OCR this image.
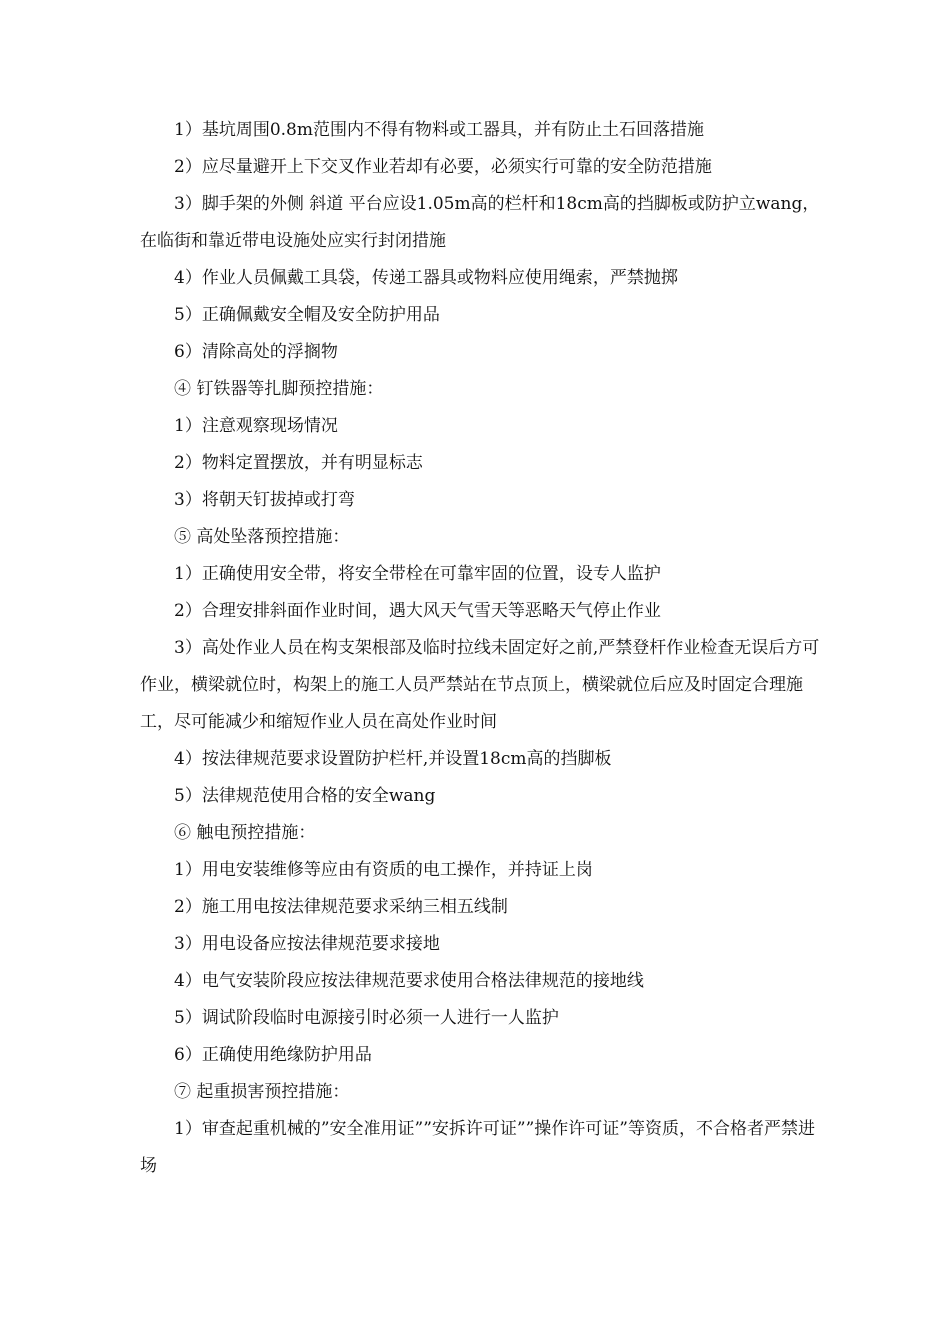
1）基坑周围0.8m范围内不得有物料或工器具，并有防止土石回落措施

2）应尽量避开上下交叉作业若却有必要，必须实行可靠的安全防范措施

3）脚手架的外侧 斜道 平台应设1.05m高的栏杆和18cm高的挡脚板或防护立wang，在临街和靠近带电设施处应实行封闭措施

4）作业人员佩戴工具袋，传递工器具或物料应使用绳索，严禁抛掷

5）正确佩戴安全帽及安全防护用品

6）清除高处的浮搁物

④ 钉铁器等扎脚预控措施：

1）注意观察现场情况

2）物料定置摆放，并有明显标志

3）将朝天钉拔掉或打弯

⑤ 高处坠落预控措施：

1）正确使用安全带，将安全带栓在可靠牢固的位置，设专人监护

2）合理安排斜面作业时间，遇大风天气雪天等恶略天气停止作业

3）高处作业人员在构支架根部及临时拉线未固定好之前,严禁登杆作业检查无误后方可作业，横梁就位时，构架上的施工人员严禁站在节点顶上，横梁就位后应及时固定合理施工，尽可能减少和缩短作业人员在高处作业时间

4）按法律规范要求设置防护栏杆,并设置18cm高的挡脚板

5）法律规范使用合格的安全wang

⑥ 触电预控措施：

1）用电安装维修等应由有资质的电工操作，并持证上岗

2）施工用电按法律规范要求采纳三相五线制

3）用电设备应按法律规范要求接地

4）电气安装阶段应按法律规范要求使用合格法律规范的接地线

5）调试阶段临时电源接引时必须一人进行一人监护

6）正确使用绝缘防护用品

⑦ 起重损害预控措施：

1）审查起重机械的”安全准用证””安拆许可证””操作许可证”等资质，不合格者严禁进场
